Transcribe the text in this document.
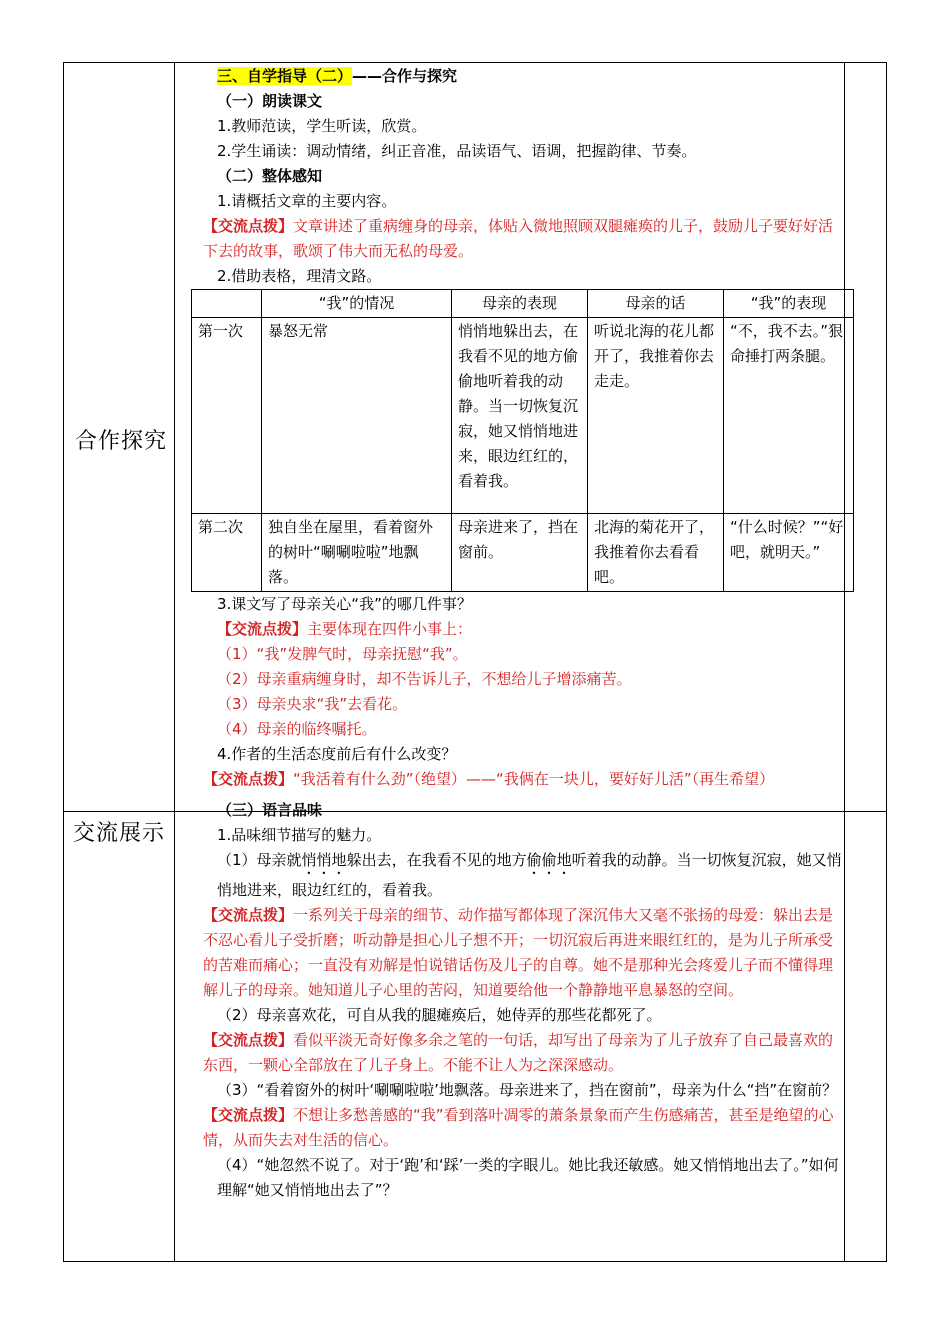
合作探究
交流展示
三、自学指导（二）——合作与探究
（一）朗读课文
1.教师范读，学生听读，欣赏。
2.学生诵读：调动情绪，纠正音准，品读语气、语调，把握韵律、节奏。
（二）整体感知
1.请概括文章的主要内容。
【交流点拨】文章讲述了重病缠身的母亲，体贴入微地照顾双腿瘫痪的儿子，鼓励儿子要好好活下去的故事，歌颂了伟大而无私的母爱。
2.借助表格，理清文路。
	“我”的情况	母亲的表现	母亲的话	“我”的表现
第一次	暴怒无常	悄悄地躲出去，在我看不见的地方偷偷地听着我的动静。当一切恢复沉寂，她又悄悄地进来，眼边红红的，看着我。	听说北海的花儿都开了，我推着你去走走。	“不，我不去。”狠命捶打两条腿。
第二次	独自坐在屋里，看着窗外的树叶“唰唰啦啦”地飘落。	母亲进来了，挡在窗前。	北海的菊花开了，我推着你去看看吧。	“什么时候？”“好吧，就明天。”
3.课文写了母亲关心“我”的哪几件事？
【交流点拨】主要体现在四件小事上：
（1）“我”发脾气时，母亲抚慰“我”。
（2）母亲重病缠身时，却不告诉儿子，不想给儿子增添痛苦。
（3）母亲央求“我”去看花。
（4）母亲的临终嘱托。
4.作者的生活态度前后有什么改变？
【交流点拨】“我活着有什么劲”（绝望）——“我俩在一块儿，要好好儿活”（再生希望）
（三）语言品味
1.品味细节描写的魅力。
（1）母亲就悄悄地躲出去，在我看不见的地方偷偷地听着我的动静。当一切恢复沉寂，她又悄悄地进来，眼边红红的，看着我。
【交流点拨】一系列关于母亲的细节、动作描写都体现了深沉伟大又毫不张扬的母爱：躲出去是不忍心看儿子受折磨；听动静是担心儿子想不开；一切沉寂后再进来眼红红的，是为儿子所承受的苦难而痛心；一直没有劝解是怕说错话伤及儿子的自尊。她不是那种光会疼爱儿子而不懂得理解儿子的母亲。她知道儿子心里的苦闷，知道要给他一个静静地平息暴怒的空间。
（2）母亲喜欢花，可自从我的腿瘫痪后，她侍弄的那些花都死了。
【交流点拨】看似平淡无奇好像多余之笔的一句话，却写出了母亲为了儿子放弃了自己最喜欢的东西，一颗心全部放在了儿子身上。不能不让人为之深深感动。
（3）“看着窗外的树叶‘唰唰啦啦’地飘落。母亲进来了，挡在窗前”，母亲为什么“挡”在窗前？
【交流点拨】不想让多愁善感的“我”看到落叶凋零的萧条景象而产生伤感痛苦，甚至是绝望的心情，从而失去对生活的信心。
（4）“她忽然不说了。对于‘跑’和‘踩’一类的字眼儿。她比我还敏感。她又悄悄地出去了。”如何理解“她又悄悄地出去了”？
